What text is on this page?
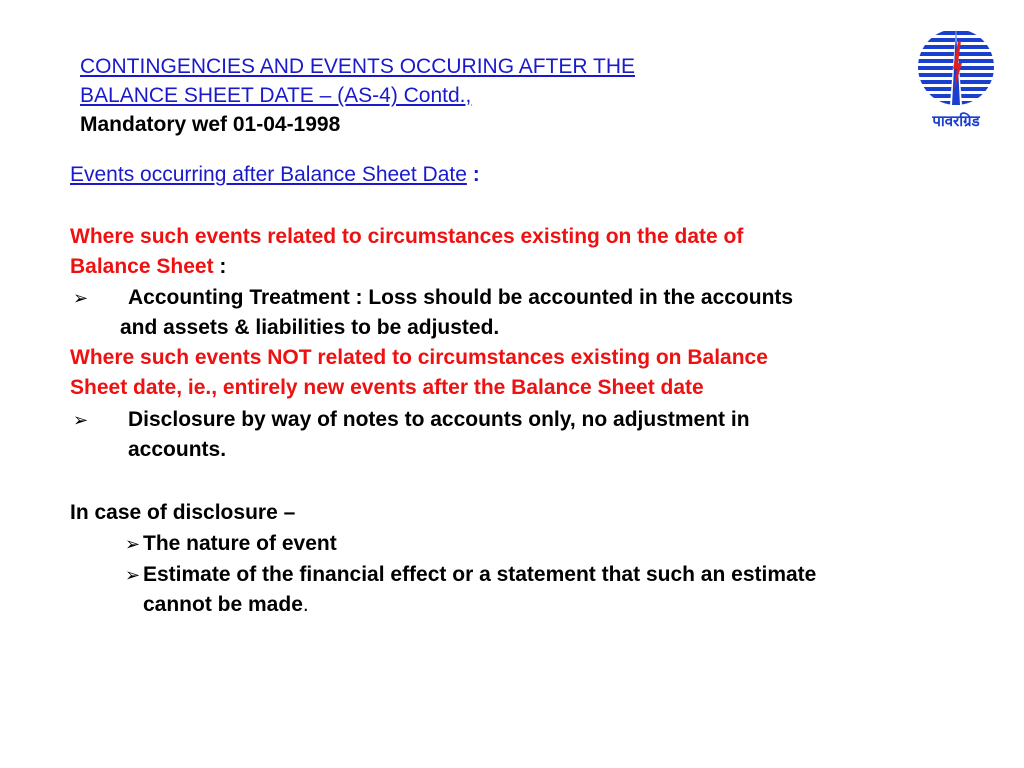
CONTINGENCIES AND EVENTS OCCURING AFTER THE
BALANCE SHEET DATE – (AS-4) Contd.,
Mandatory wef 01-04-1998	पावरग्रिड
Events occurring after Balance Sheet Date :
Where such events related to circumstances existing on the date of
Balance Sheet :
➢ Accounting Treatment : Loss should be accounted in the accounts
and assets & liabilities to be adjusted.
Where such events NOT related to circumstances existing on Balance
Sheet date, ie., entirely new events after the Balance Sheet date
➢ Disclosure by way of notes to accounts only, no adjustment in
accounts.
In case of disclosure –
➢ The nature of event
➢ Estimate of the financial effect or a statement that such an estimate
cannot be made.
